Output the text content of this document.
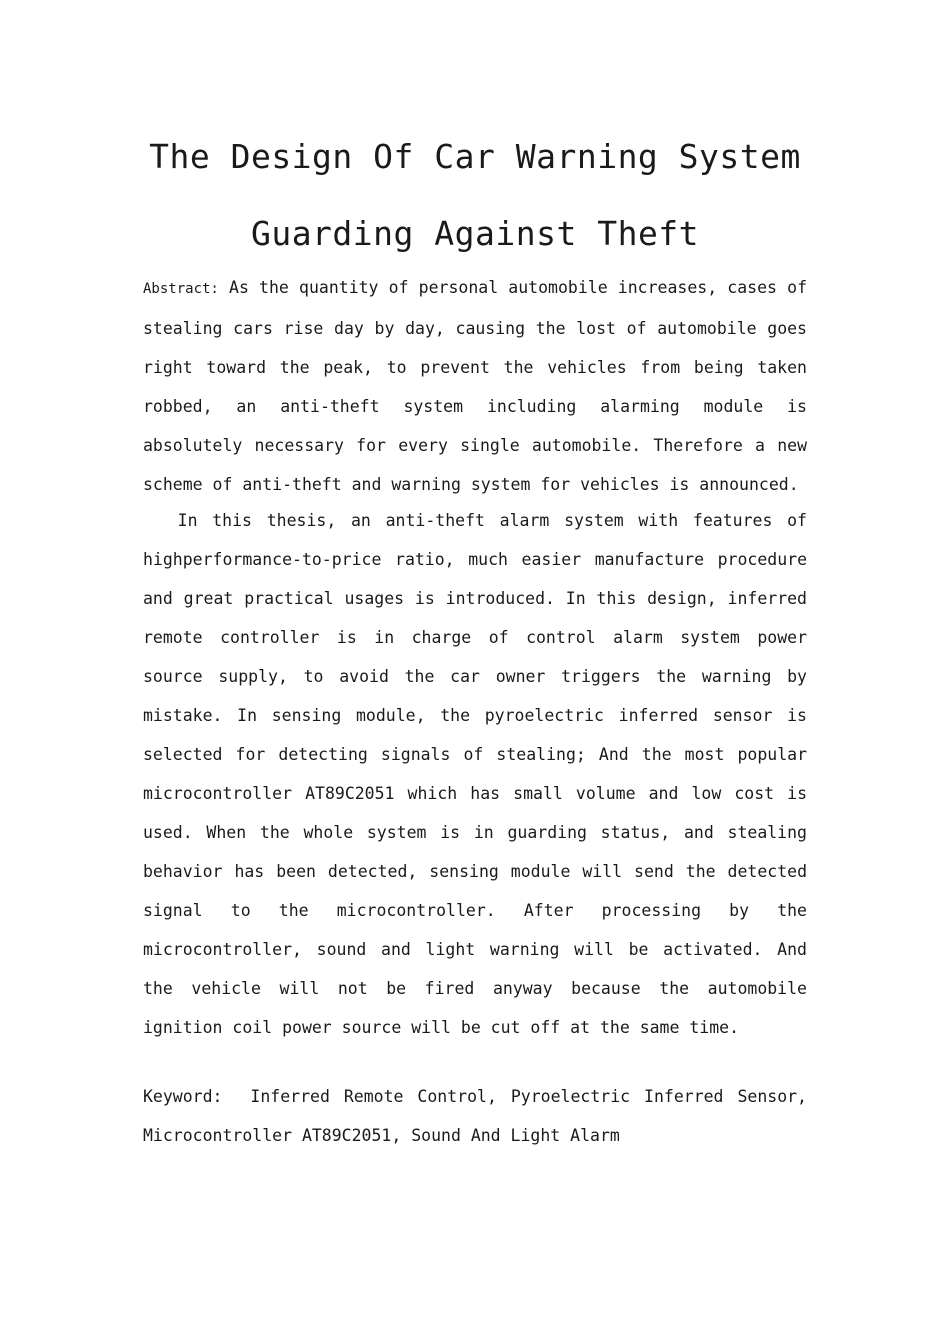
The Design Of Car Warning System
Guarding Against Theft

Abstract: As the quantity of personal automobile increases, cases of stealing cars rise day by day, causing the lost of automobile goes right toward the peak, to prevent the vehicles from being taken robbed, an anti-theft system including alarming module is absolutely necessary for every single automobile. Therefore a new scheme of anti-theft and warning system for vehicles is announced.

In this thesis, an anti-theft alarm system with features of highperformance-to-price ratio, much easier manufacture procedure and great practical usages is introduced. In this design, inferred remote controller is in charge of control alarm system power source supply, to avoid the car owner triggers the warning by mistake. In sensing module, the pyroelectric inferred sensor is selected for detecting signals of stealing; And the most popular microcontroller AT89C2051 which has small volume and low cost is used. When the whole system is in guarding status, and stealing behavior has been detected, sensing module will send the detected signal to the microcontroller. After processing by the microcontroller, sound and light warning will be activated. And the vehicle will not be fired anyway because the automobile ignition coil power source will be cut off at the same time.

Keyword: Inferred Remote Control, Pyroelectric Inferred Sensor, Microcontroller AT89C2051, Sound And Light Alarm
